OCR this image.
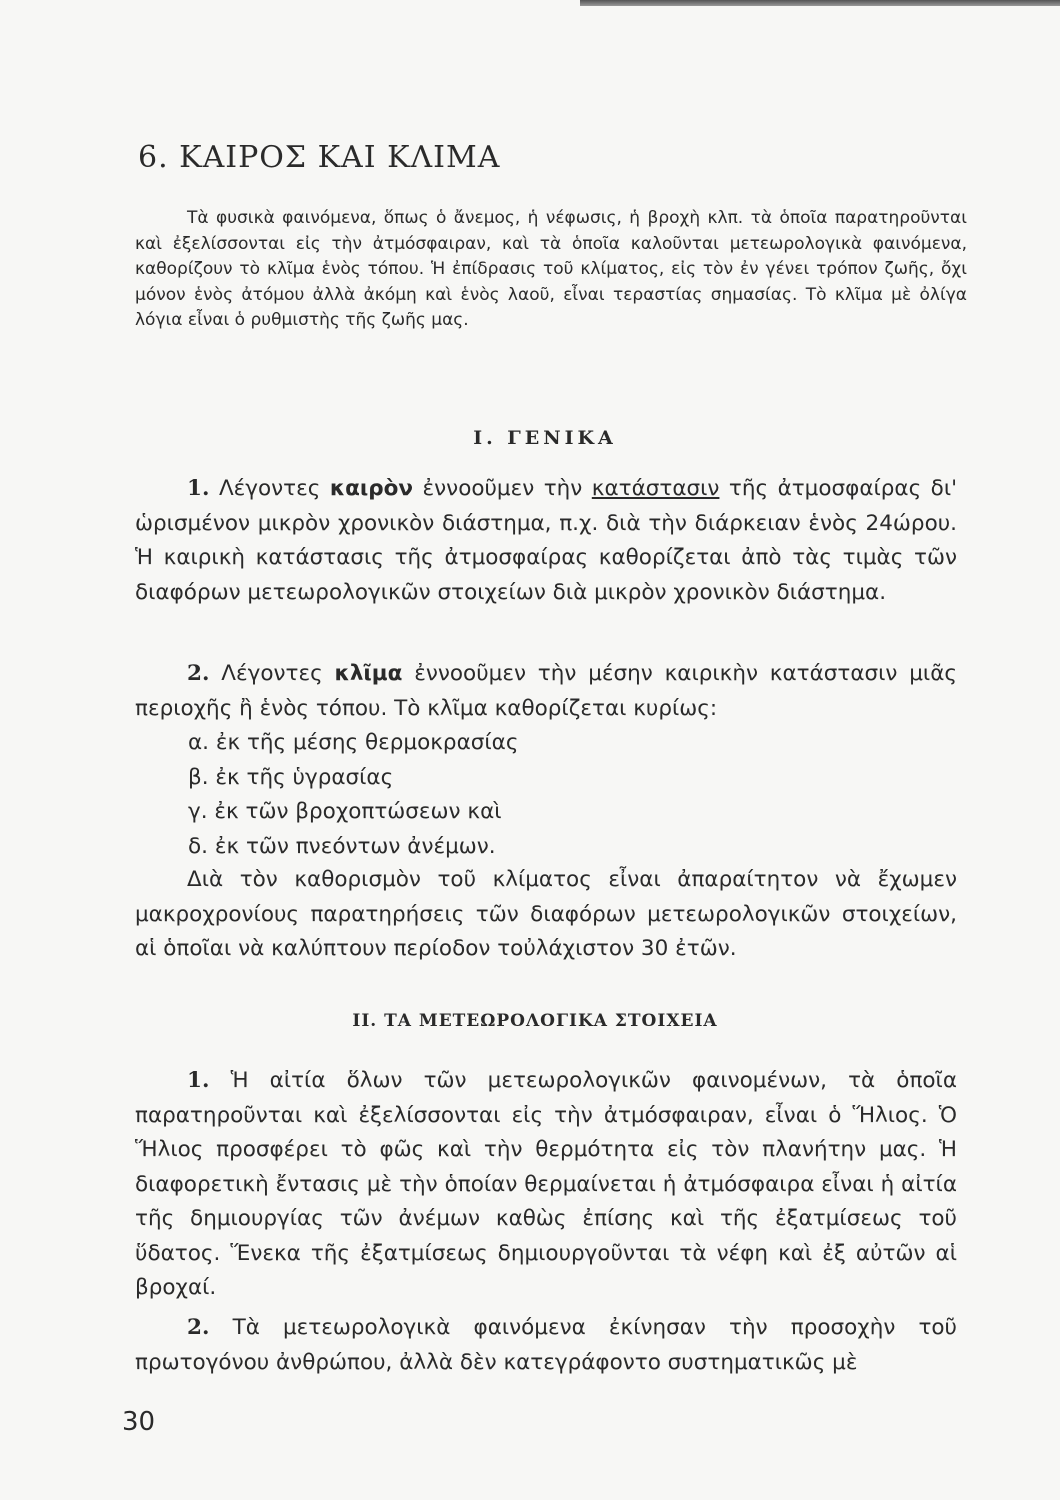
6. ΚΑΙΡΟΣ ΚΑΙ ΚΛΙΜΑ
Τὰ φυσικὰ φαινόμενα, ὅπως ὁ ἄνεμος, ἡ νέφωσις, ἡ βροχὴ κλπ. τὰ ὁποῖα παρατηροῦνται καὶ ἐξελίσσονται εἰς τὴν ἀτμόσφαιραν, καὶ τὰ ὁποῖα καλοῦνται μετεωρολογικὰ φαινόμενα, καθορίζουν τὸ κλῖμα ἑνὸς τόπου. Ἡ ἐπίδρασις τοῦ κλίματος, εἰς τὸν ἐν γένει τρόπον ζωῆς, ὄχι μόνον ἑνὸς ἀτόμου ἀλλὰ ἀκόμη καὶ ἑνὸς λαοῦ, εἶναι τεραστίας σημασίας. Τὸ κλῖμα μὲ ὀλίγα λόγια εἶναι ὁ ρυθμιστὴς τῆς ζωῆς μας.
I. ΓΕΝΙΚΑ
1. Λέγοντες καιρὸν ἐννοοῦμεν τὴν κατάστασιν τῆς ἀτμοσφαίρας δι' ὡρισμένον μικρὸν χρονικὸν διάστημα, π.χ. διὰ τὴν διάρκειαν ἑνὸς 24ώρου. Ἡ καιρικὴ κατάστασις τῆς ἀτμοσφαίρας καθορίζεται ἀπὸ τὰς τιμὰς τῶν διαφόρων μετεωρολογικῶν στοιχείων διὰ μικρὸν χρονικὸν διάστημα.
2. Λέγοντες κλῖμα ἐννοοῦμεν τὴν μέσην καιρικὴν κατάστασιν μιᾶς περιοχῆς ἢ ἑνὸς τόπου. Τὸ κλῖμα καθορίζεται κυρίως:
α. ἐκ τῆς μέσης θερμοκρασίας
β. ἐκ τῆς ὑγρασίας
γ. ἐκ τῶν βροχοπτώσεων καὶ
δ. ἐκ τῶν πνεόντων ἀνέμων.
Διὰ τὸν καθορισμὸν τοῦ κλίματος εἶναι ἀπαραίτητον νὰ ἔχωμεν μακροχρονίους παρατηρήσεις τῶν διαφόρων μετεωρολογικῶν στοιχείων, αἱ ὁποῖαι νὰ καλύπτουν περίοδον τοὐλάχιστον 30 ἐτῶν.
II. ΤΑ ΜΕΤΕΩΡΟΛΟΓΙΚΑ ΣΤΟΙΧΕΙΑ
1. Ἡ αἰτία ὅλων τῶν μετεωρολογικῶν φαινομένων, τὰ ὁποῖα παρατηροῦνται καὶ ἐξελίσσονται εἰς τὴν ἀτμόσφαιραν, εἶναι ὁ Ἥλιος. Ὁ Ἥλιος προσφέρει τὸ φῶς καὶ τὴν θερμότητα εἰς τὸν πλανήτην μας. Ἡ διαφορετικὴ ἔντασις μὲ τὴν ὁποίαν θερμαίνεται ἡ ἀτμόσφαιρα εἶναι ἡ αἰτία τῆς δημιουργίας τῶν ἀνέμων καθὼς ἐπίσης καὶ τῆς ἐξατμίσεως τοῦ ὕδατος. Ἕνεκα τῆς ἐξατμίσεως δημιουργοῦνται τὰ νέφη καὶ ἐξ αὐτῶν αἱ βροχαί.
2. Τὰ μετεωρολογικὰ φαινόμενα ἐκίνησαν τὴν προσοχὴν τοῦ πρωτογόνου ἀνθρώπου, ἀλλὰ δὲν κατεγράφοντο συστηματικῶς μὲ
30
